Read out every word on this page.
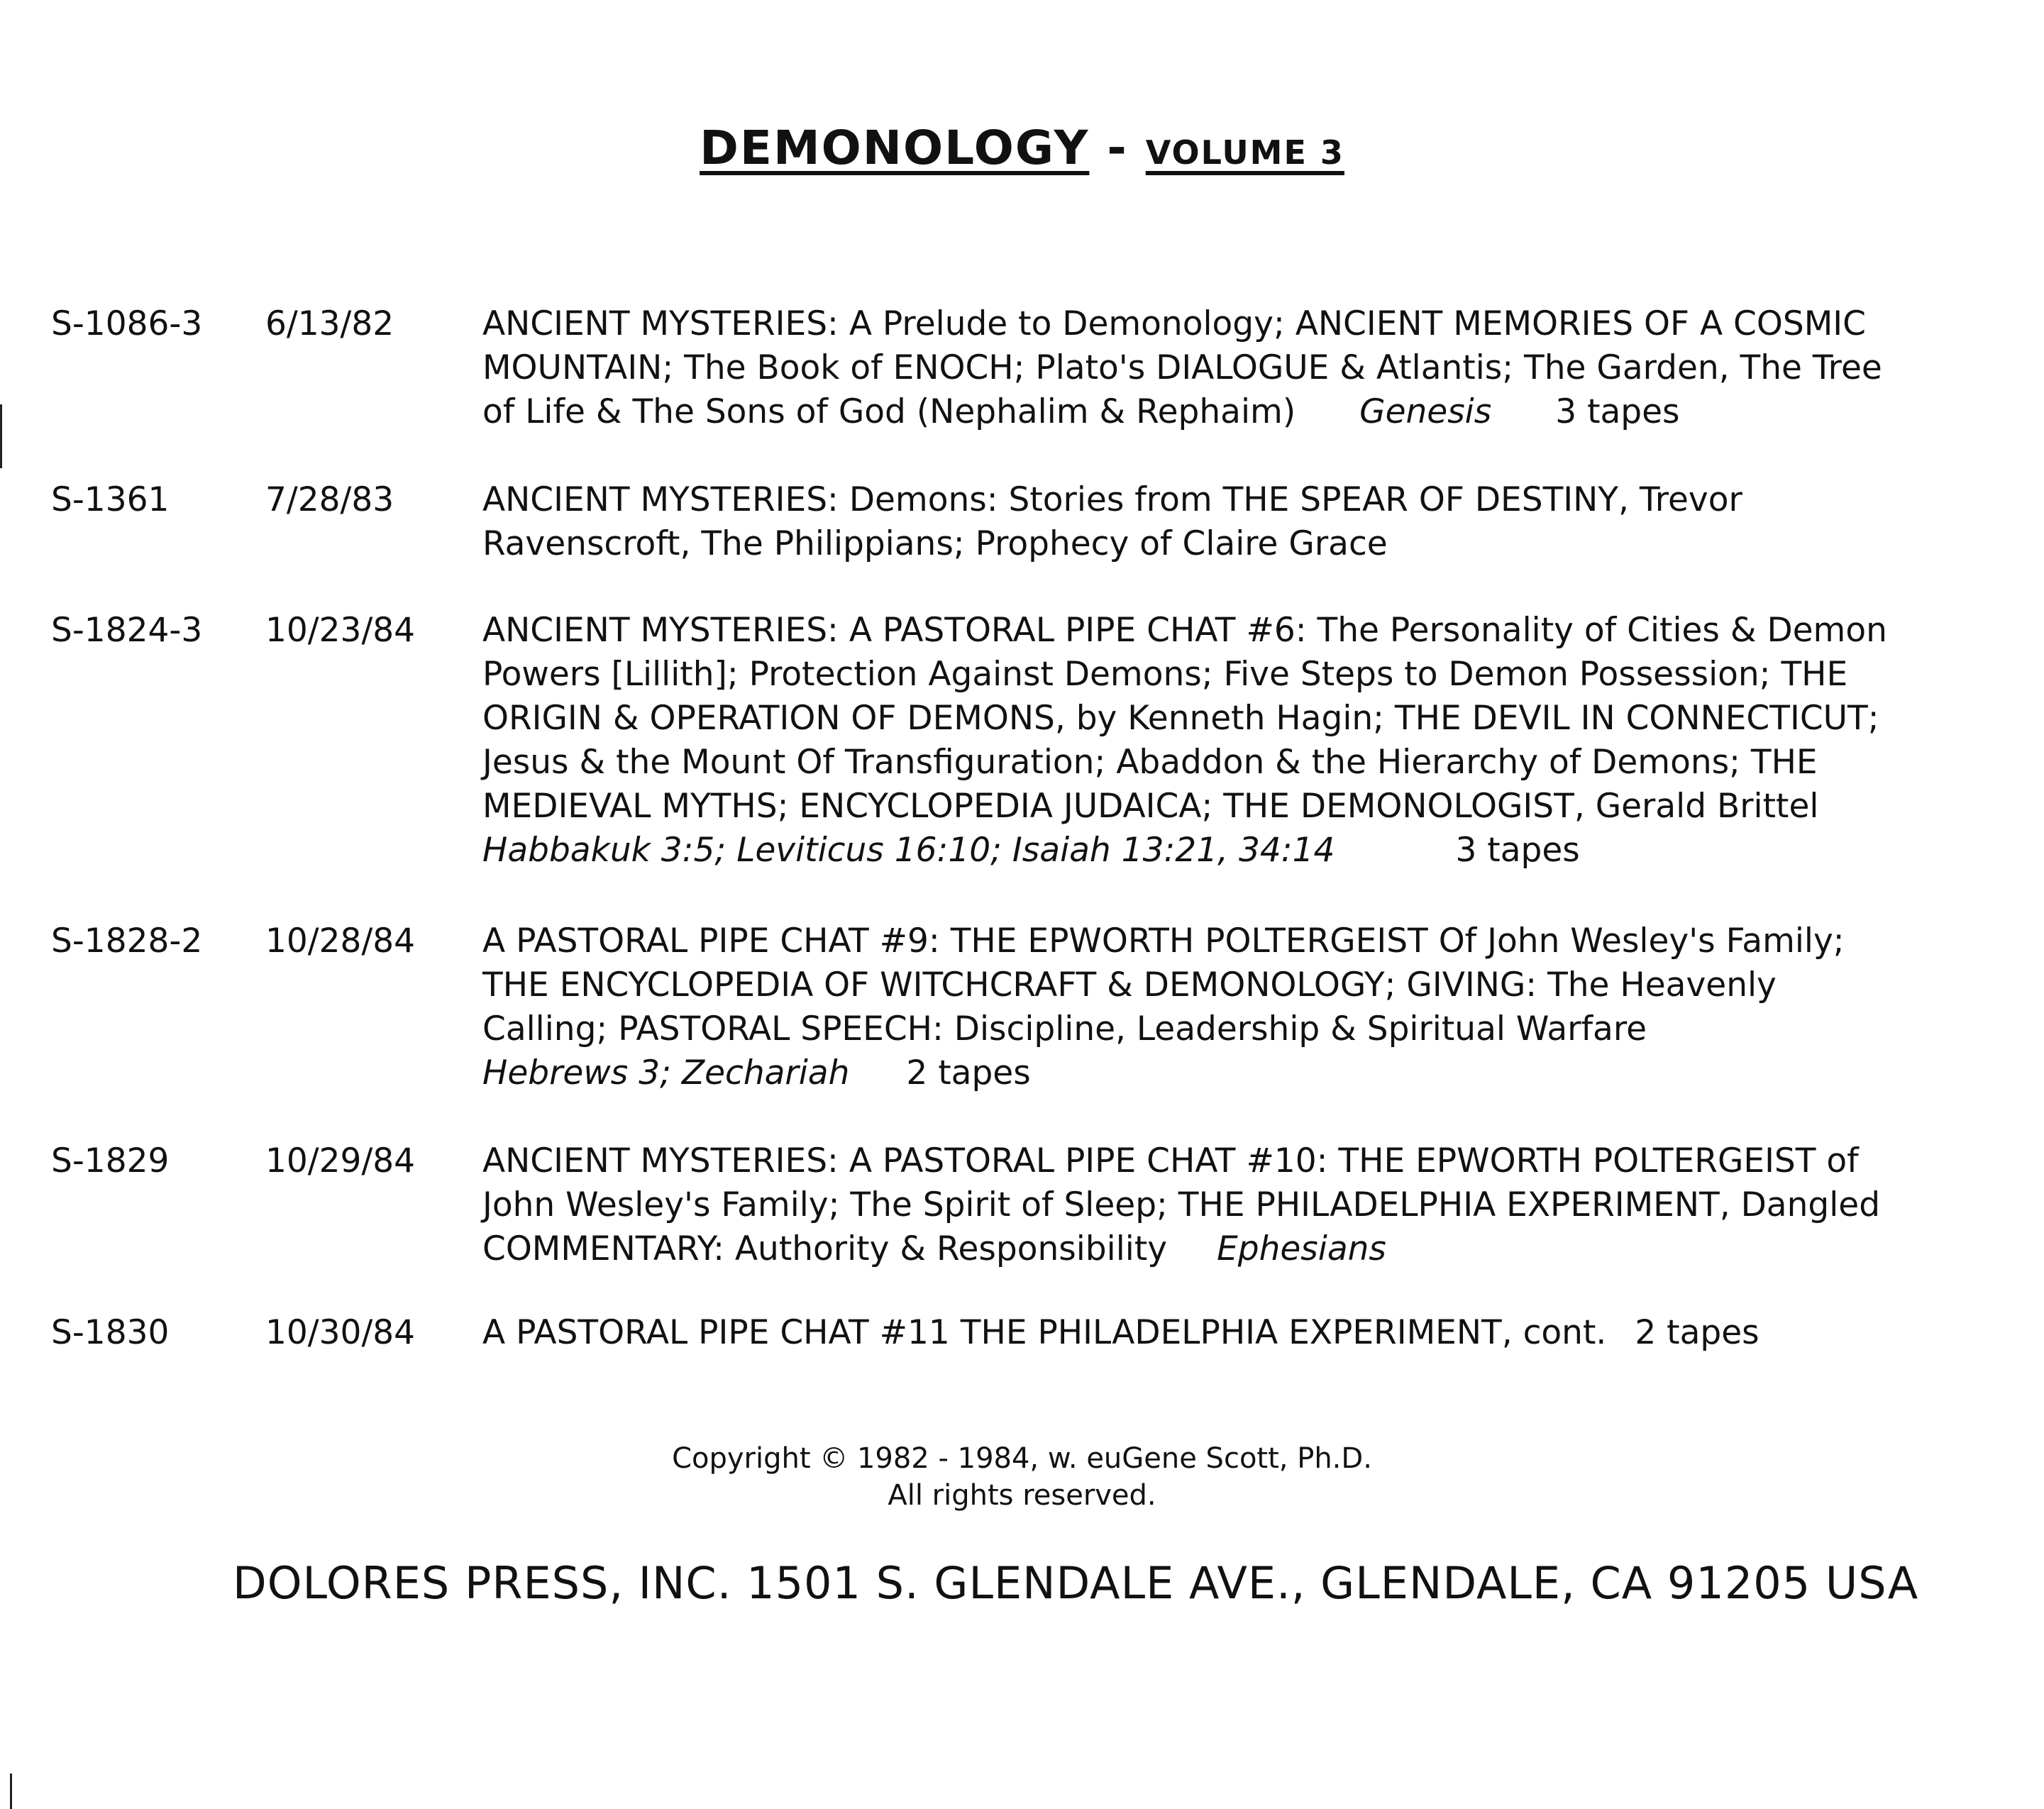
DEMONOLOGY - VOLUME 3
S-1086-3 6/13/82	ANCIENT MYSTERIES: A Prelude to Demonology; ANCIENT MEMORIES OF A COSMIC
MOUNTAIN; The Book of ENOCH; Plato's DIALOGUE & Atlantis; The Garden, The Tree
of Life & The Sons of God (Nephalim & Rephaim) Genesis 3 tapes
S-1361	7/28/83	ANCIENT MYSTERIES: Demons: Stories from THE SPEAR OF DESTINY, Trevor
Ravenscroft, The Philippians; Prophecy of Claire Grace
S-1824-3 10/23/84 ANCIENT MYSTERIES: A PASTORAL PIPE CHAT #6: The Personality of Cities & Demon
Powers [Lillith]; Protection Against Demons; Five Steps to Demon Possession; THE
ORIGIN & OPERATION OF DEMONS, by Kenneth Hagin; THE DEVIL IN CONNECTICUT;
Jesus & the Mount Of Transfiguration; Abaddon & the Hierarchy of Demons; THE
MEDIEVAL MYTHS; ENCYCLOPEDIA JUDAICA; THE DEMONOLOGIST, Gerald Brittel
Habbakuk 3:5; Leviticus 16:10; Isaiah 13:21, 34:14	3 tapes
S-1828-2 10/28/84 A PASTORAL PIPE CHAT #9: THE EPWORTH POLTERGEIST Of John Wesley's Family;
THE ENCYCLOPEDIA OF WITCHCRAFT & DEMONOLOGY; GIVING: The Heavenly
Calling; PASTORAL SPEECH: Discipline, Leadership & Spiritual Warfare
Hebrews 3; Zechariah 2 tapes
S-1829	10/29/84 ANCIENT MYSTERIES: A PASTORAL PIPE CHAT #10: THE EPWORTH POLTERGEIST of
John Wesley's Family; The Spirit of Sleep; THE PHILADELPHIA EXPERIMENT, Dangled
COMMENTARY: Authority & Responsibility Ephesians
S-1830	10/30/84 A PASTORAL PIPE CHAT #11 THE PHILADELPHIA EXPERIMENT, cont. 2 tapes
Copyright © 1982 - 1984, w. euGene Scott, Ph.D.
All rights reserved.
DOLORES PRESS, INC. 1501 S. GLENDALE AVE., GLENDALE, CA 91205 USA
